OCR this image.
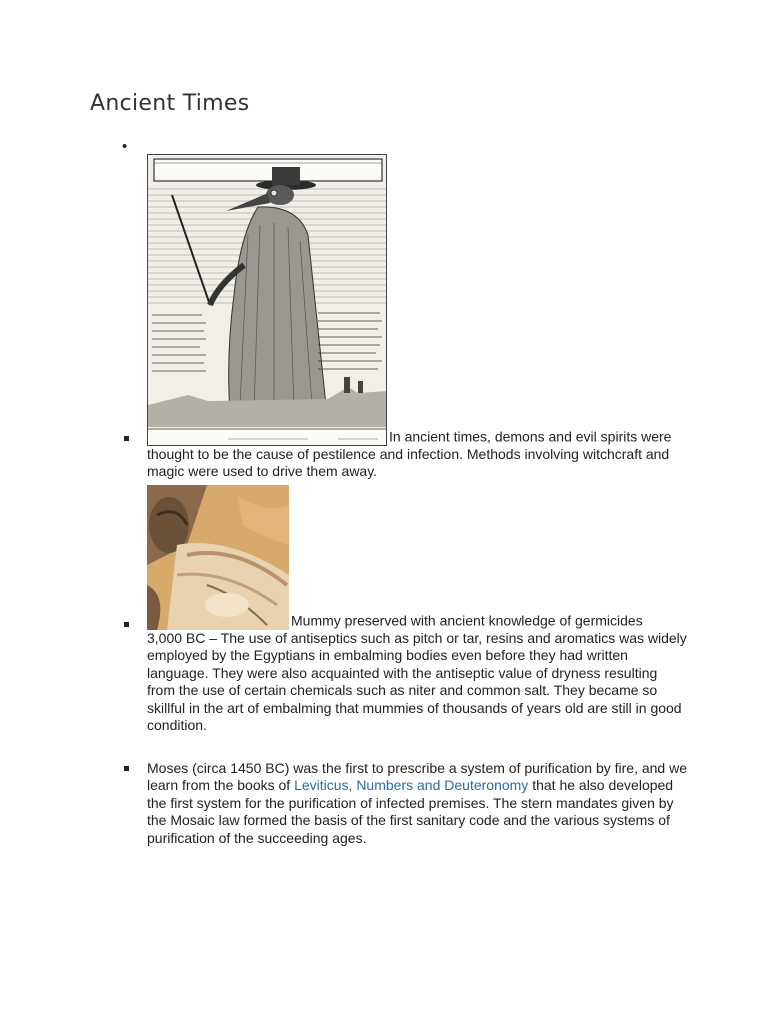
Ancient Times
•
In ancient times, demons and evil spirits were thought to be the cause of pestilence and infection. Methods involving witchcraft and magic were used to drive them away.
Mummy preserved with ancient knowledge of germicides
3,000 BC – The use of antiseptics such as pitch or tar, resins and aromatics was widely employed by the Egyptians in embalming bodies even before they had written language. They were also acquainted with the antiseptic value of dryness resulting from the use of certain chemicals such as niter and common salt. They became so skillful in the art of embalming that mummies of thousands of years old are still in good condition.
Moses (circa 1450 BC) was the first to prescribe a system of purification by fire, and we learn from the books of Leviticus, Numbers and Deuteronomy that he also developed the first system for the purification of infected premises. The stern mandates given by the Mosaic law formed the basis of the first sanitary code and the various systems of purification of the succeeding ages.
